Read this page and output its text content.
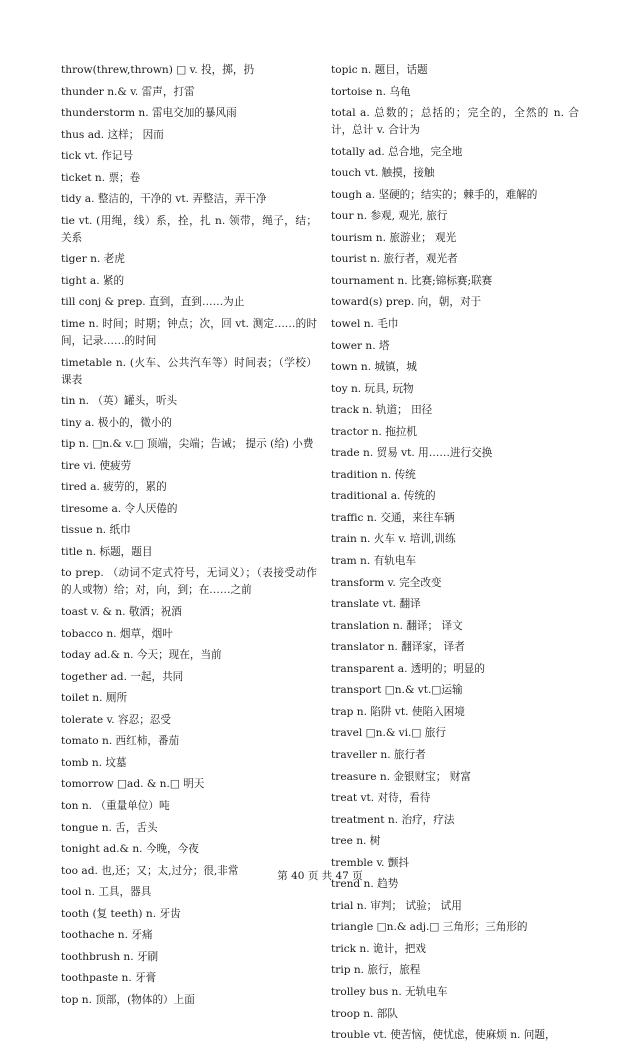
throw(threw,thrown) □ v. 投，掷，扔
thunder n.& v. 雷声，打雷
thunderstorm n. 雷电交加的暴风雨
thus ad. 这样； 因而
tick vt. 作记号
ticket n. 票；卷
tidy a. 整洁的，干净的 vt. 弄整洁，弄干净
tie vt. (用绳，线）系，拴，扎 n. 领带，绳子，结；关系
tiger n. 老虎
tight a. 紧的
till conj & prep. 直到，直到……为止
time n. 时间；时期；钟点；次，回 vt. 测定……的时间，记录……的时间
timetable n. (火车、公共汽车等）时间表；（学校）课表
tin n. （英）罐头，听头
tiny a. 极小的，微小的
tip n. □n.& v.□ 顶端，尖端；告诫； 提示 (给) 小费
tire vi. 使疲劳
tired a. 疲劳的，累的
tiresome a. 令人厌倦的
tissue n. 纸巾
title n. 标题，题目
to prep. （动词不定式符号，无词义）；（表接受动作的人或物）给；对，向，到；在……之前
toast v. & n. 敬酒；祝酒
tobacco n. 烟草，烟叶
today ad.& n. 今天；现在，当前
together ad. 一起，共同
toilet n. 厕所
tolerate v. 容忍；忍受
tomato n. 西红柿，番茄
tomb n. 坟墓
tomorrow □ad. & n.□ 明天
ton n. （重量单位）吨
tongue n. 舌，舌头
tonight ad.& n. 今晚，今夜
too ad. 也,还；又；太,过分；很,非常
tool n. 工具，器具
tooth (复 teeth) n. 牙齿
toothache n. 牙痛
toothbrush n. 牙刷
toothpaste n. 牙膏
top n. 顶部，(物体的）上面
topic n. 题目，话题
tortoise n. 乌龟
total a. 总数的；总括的；完全的，全然的 n. 合计，总计 v. 合计为
totally ad. 总合地，完全地
touch vt. 触摸，接触
tough a. 坚硬的；结实的；棘手的，难解的
tour n. 参观, 观光, 旅行
tourism n. 旅游业； 观光
tourist n. 旅行者，观光者
tournament n. 比赛;锦标赛;联赛
toward(s) prep. 向，朝，对于
towel n. 毛巾
tower n. 塔
town n. 城镇，城
toy n. 玩具, 玩物
track n. 轨道； 田径
tractor n. 拖拉机
trade n. 贸易 vt. 用……进行交换
tradition n. 传统
traditional a. 传统的
traffic n. 交通，来往车辆
train n. 火车 v. 培训,训练
tram n. 有轨电车
transform v. 完全改变
translate vt. 翻译
translation n. 翻译； 译文
translator n. 翻译家，译者
transparent a. 透明的；明显的
transport □n.& vt.□运输
trap n. 陷阱 vt. 使陷入困境
travel □n.& vi.□ 旅行
traveller n. 旅行者
treasure n. 金银财宝； 财富
treat vt. 对待，看待
treatment n. 治疗，疗法
tree n. 树
tremble v. 颤抖
trend n. 趋势
trial n. 审判； 试验； 试用
triangle □n.& adj.□ 三角形；三角形的
trick n. 诡计，把戏
trip n. 旅行，旅程
trolley bus n. 无轨电车
troop n. 部队
trouble vt. 使苦恼，使忧虑，使麻烦 n. 问题，
第 40 页 共 47 页
